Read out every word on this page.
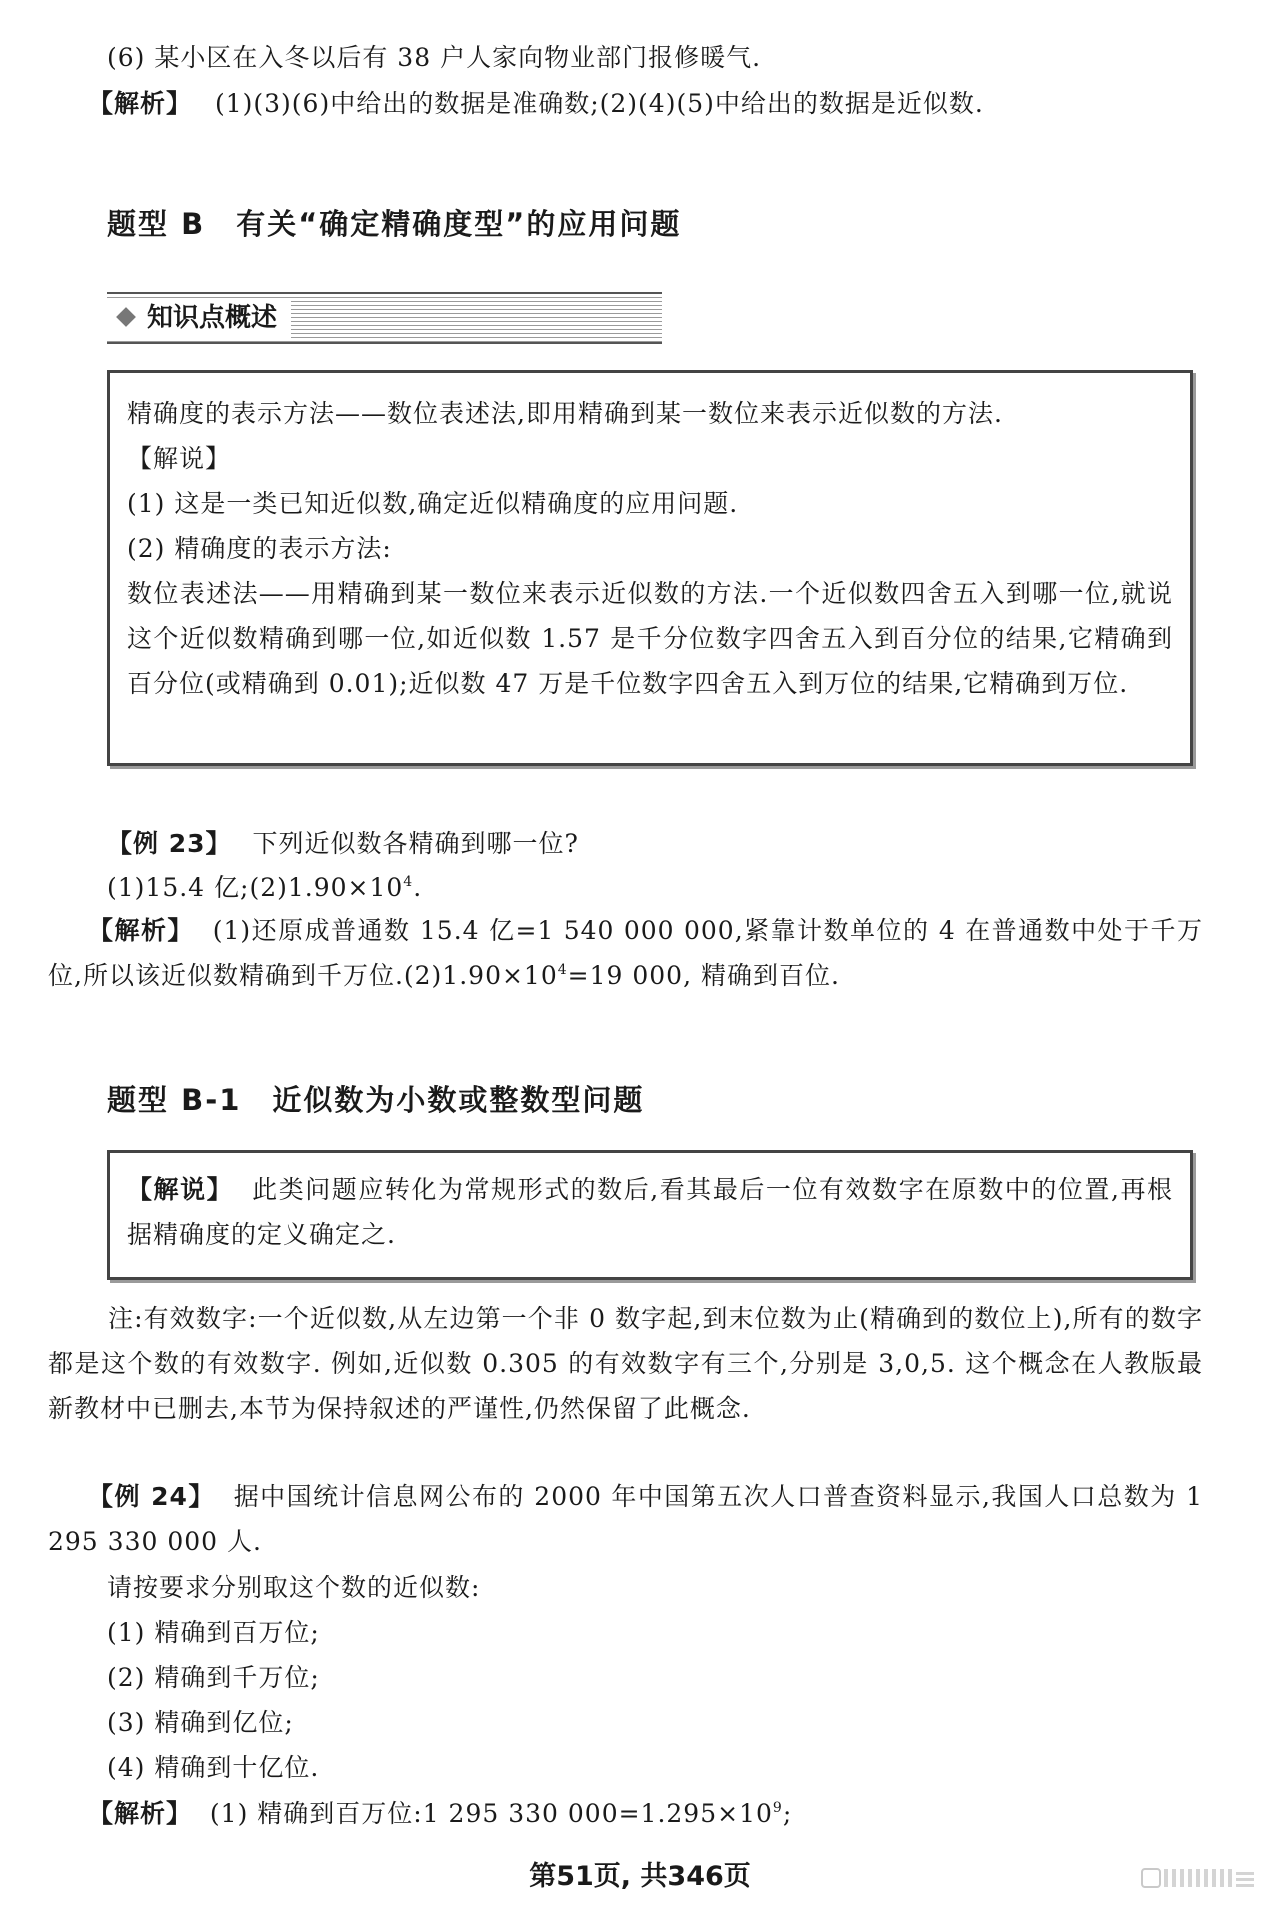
(6) 某小区在入冬以后有 38 户人家向物业部门报修暖气.
【解析】 (1)(3)(6)中给出的数据是准确数;(2)(4)(5)中给出的数据是近似数.
题型 B　有关“确定精确度型”的应用问题
知识点概述
精确度的表示方法——数位表述法,即用精确到某一数位来表示近似数的方法.
【解说】
(1) 这是一类已知近似数,确定近似精确度的应用问题.
(2) 精确度的表示方法:
数位表述法——用精确到某一数位来表示近似数的方法.一个近似数四舍五入到哪一位,就说这个近似数精确到哪一位,如近似数 1.57 是千分位数字四舍五入到百分位的结果,它精确到百分位(或精确到 0.01);近似数 47 万是千位数字四舍五入到万位的结果,它精确到万位.
【例 23】 下列近似数各精确到哪一位?
(1)15.4 亿$;(2)1.90\times 10^4$.
【解析】 (1)还原成普通数 15.4 亿=1 540 000 000,紧靠计数单位的 4 在普通数中处于千万位,所以该近似数精确到千万位$.(2)1.90\times 10^4=19$ 000, 精确到百位.
题型 B-1　近似数为小数或整数型问题
【解说】 此类问题应转化为常规形式的数后,看其最后一位有效数字在原数中的位置,再根据精确度的定义确定之.
注:有效数字:一个近似数,从左边第一个非 0 数字起,到末位数为止(精确到的数位上),所有的数字都是这个数的有效数字. 例如,近似数 0.305 的有效数字有三个,分别是 3,0,5. 这个概念在人教版最新教材中已删去,本节为保持叙述的严谨性,仍然保留了此概念.
【例 24】 据中国统计信息网公布的 2000 年中国第五次人口普查资料显示,我国人口总数为 1 295 330 000 人.
请按要求分别取这个数的近似数:
(1) 精确到百万位;
(2) 精确到千万位;
(3) 精确到亿位;
(4) 精确到十亿位.
【解析】 (1) 精确到百万位:1 295 330 $000=1.295\times 10^9$;
第51页, 共346页
